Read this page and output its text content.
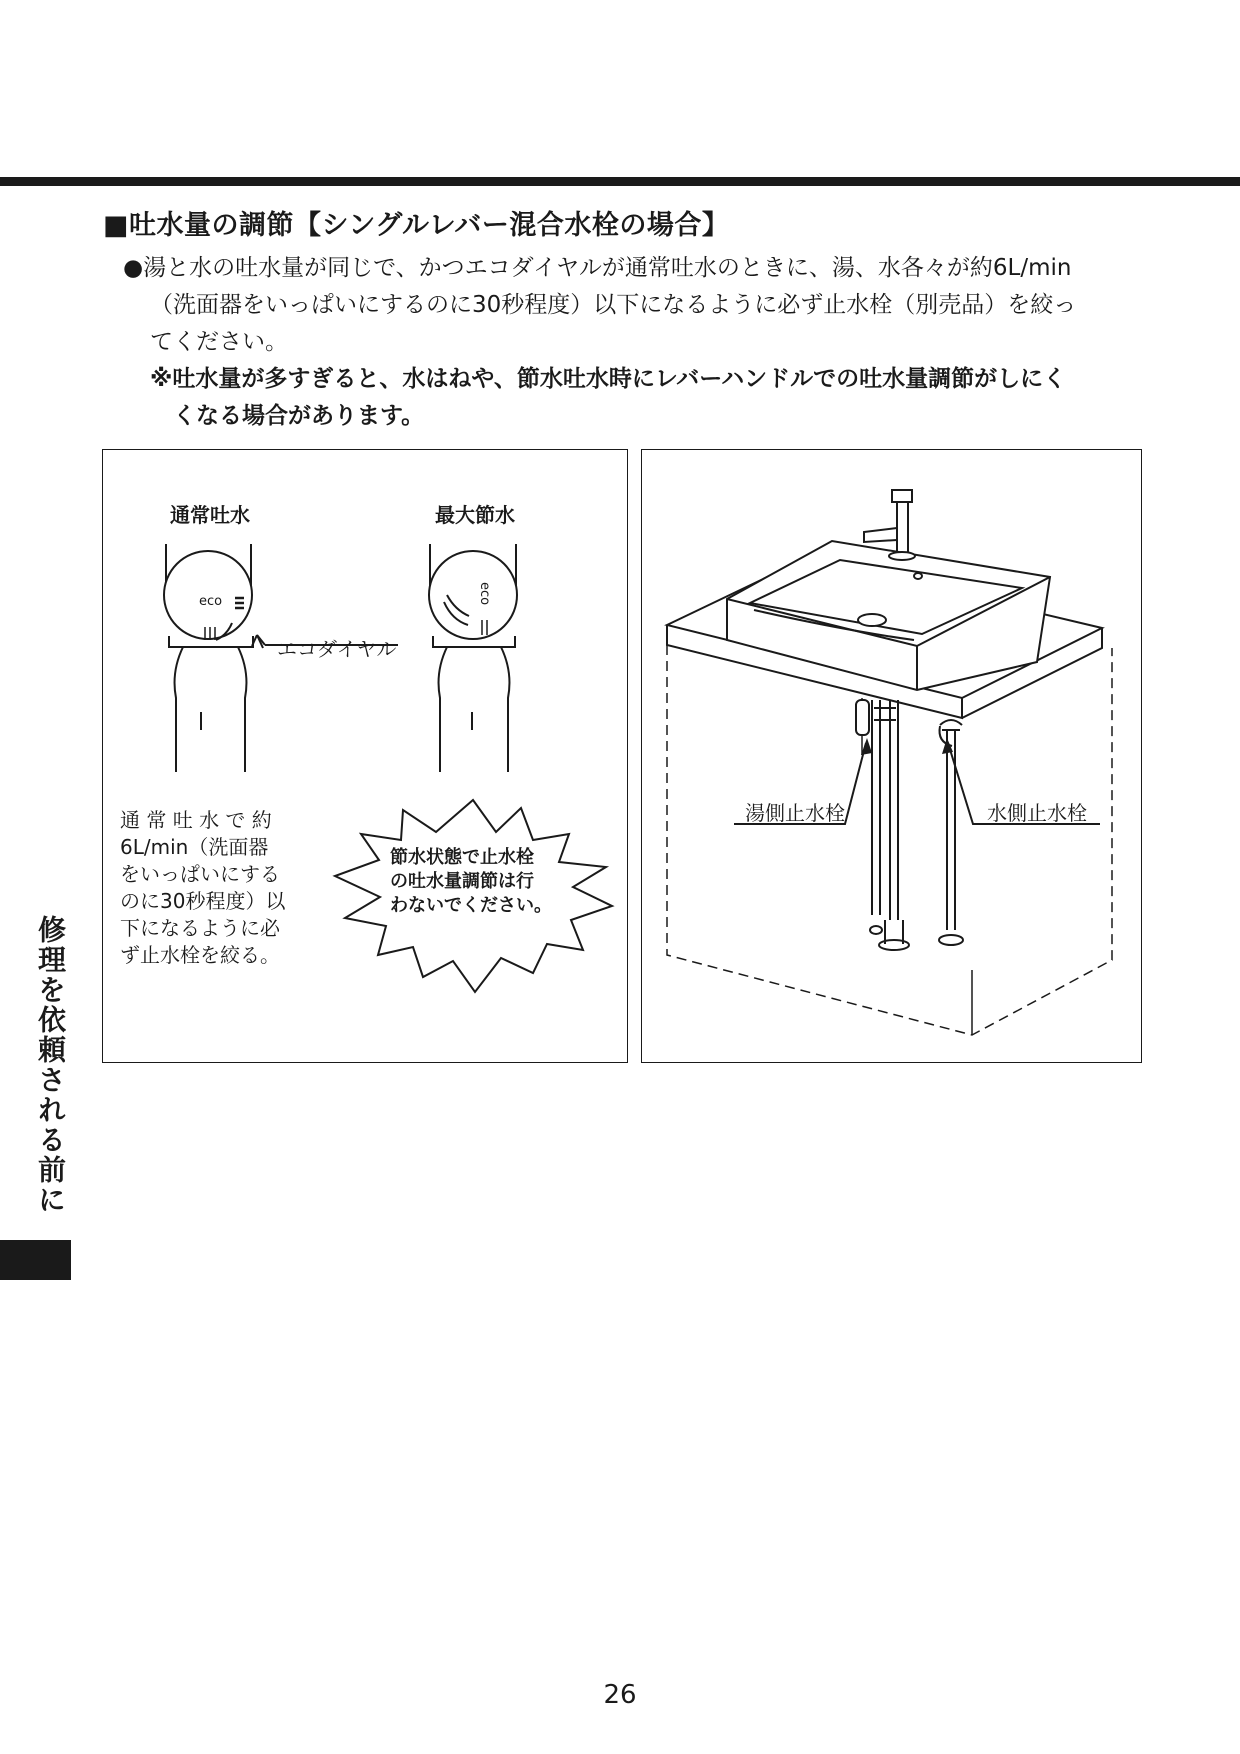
■吐水量の調節【シングルレバー混合水栓の場合】

●湯と水の吐水量が同じで、かつエコダイヤルが通常吐水のときに、湯、水各々が約6L/min

（洗面器をいっぱいにするのに30秒程度）以下になるように必ず止水栓（別売品）を絞っ

てください。

※吐水量が多すぎると、水はねや、節水吐水時にレバーハンドルでの吐水量調節がしにく

くなる場合があります。

eco	eco
通常吐水	最大節水
エコダイヤル
通 常 吐 水 で 約
6L/min（洗面器
をいっぱいにする
のに30秒程度）以
下になるように必
ず止水栓を絞る。
節水状態で止水栓
の吐水量調節は行
わないでください。
湯側止水栓	水側止水栓
修理を依頼される前に
26
